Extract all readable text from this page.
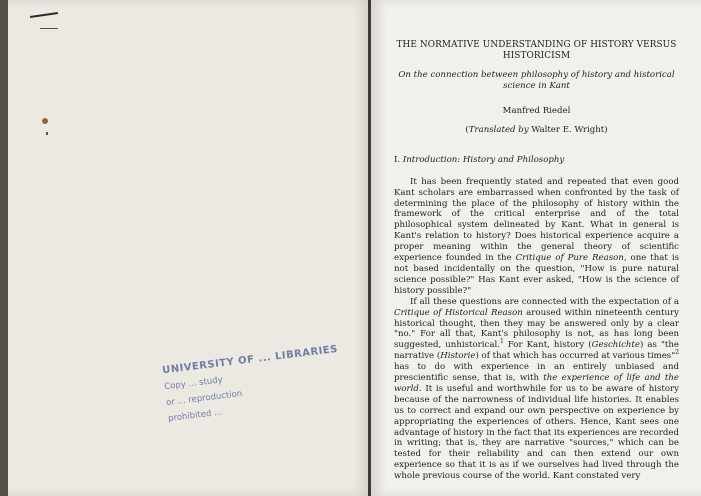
UNIVERSITY OF ... LIBRARIES
Copy ... study
or ... reproduction
prohibited ...
THE NORMATIVE UNDERSTANDING OF HISTORY VERSUS HISTORICISM
On the connection between philosophy of history and historical science in Kant
Manfred Riedel
(Translated by Walter E. Wright)
I. Introduction: History and Philosophy

It has been frequently stated and repeated that even good Kant scholars are embarrassed when confronted by the task of determining the place of the philosophy of history within the framework of the critical enterprise and of the total philosophical system delineated by Kant. What in general is Kant's relation to history? Does historical experience acquire a proper meaning within the general theory of scientific experience founded in the Critique of Pure Reason, one that is not based incidentally on the question, "How is pure natural science possible?" Has Kant ever asked, "How is the science of history possible?"

If all these questions are connected with the expectation of a Critique of Historical Reason aroused within nineteenth century historical thought, then they may be answered only by a clear "no." For all that, Kant's philosophy is not, as has long been suggested, unhistorical.$^1$ For Kant, history (Geschichte) as "the narrative (Historie) of that which has occurred at various times"$^2$ has to do with experience in an entirely unbiased and prescientific sense, that is, with the experience of life and the world. It is useful and worthwhile for us to be aware of history because of the narrowness of individual life histories. It enables us to correct and expand our own perspective on experience by appropriating the experiences of others. Hence, Kant sees one advantage of history in the fact that its experiences are recorded in writing; that is, they are narrative "sources," which can be tested for their reliability and can then extend our own experience so that it is as if we ourselves had lived through the whole previous course of the world. Kant constated very
